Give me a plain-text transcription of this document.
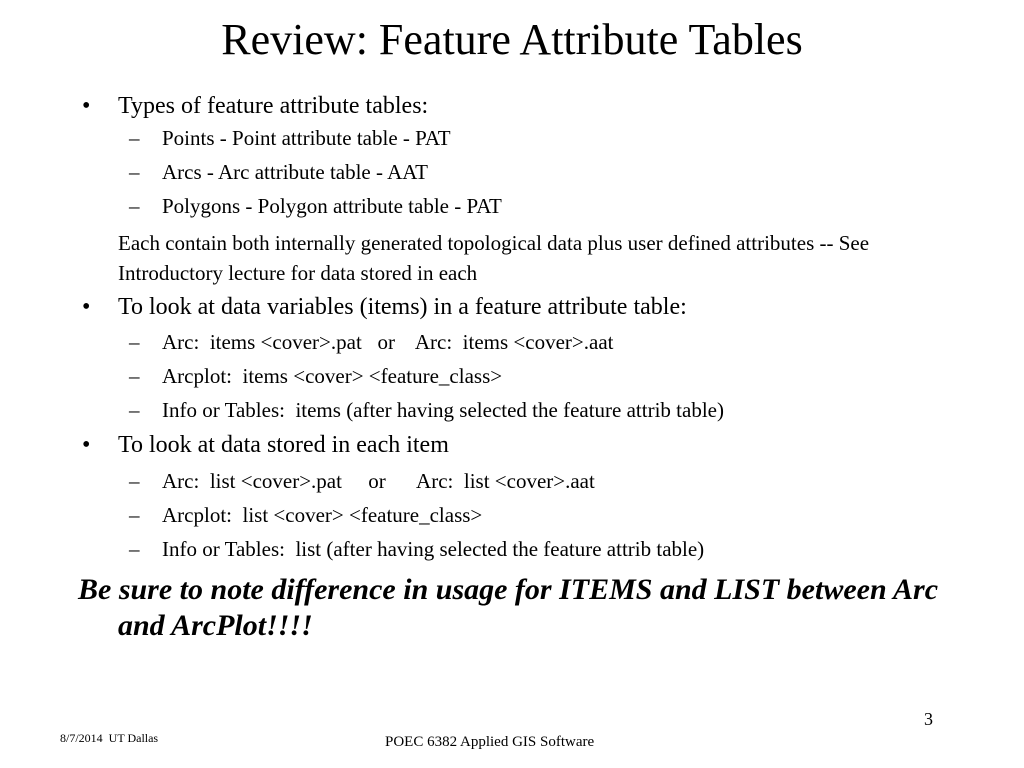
Review: Feature Attribute Tables
• Types of feature attribute tables:
– Points - Point attribute table - PAT
– Arcs - Arc attribute table - AAT
– Polygons - Polygon attribute table - PAT
Each contain both internally generated topological data plus user defined attributes -- See Introductory lecture for data stored in each
• To look at data variables (items) in a feature attribute table:
– Arc:  items <cover>.pat   or    Arc:  items <cover>.aat
– Arcplot:  items <cover> <feature_class>
– Info or Tables:  items (after having selected the feature attrib table)
• To look at data stored in each item
– Arc:  list <cover>.pat     or      Arc:  list <cover>.aat
– Arcplot:  list <cover> <feature_class>
– Info or Tables:  list (after having selected the feature attrib table)
Be sure to note difference in usage for ITEMS and LIST between Arc and ArcPlot!!!!
3
8/7/2014  UT Dallas	POEC 6382 Applied GIS Software
